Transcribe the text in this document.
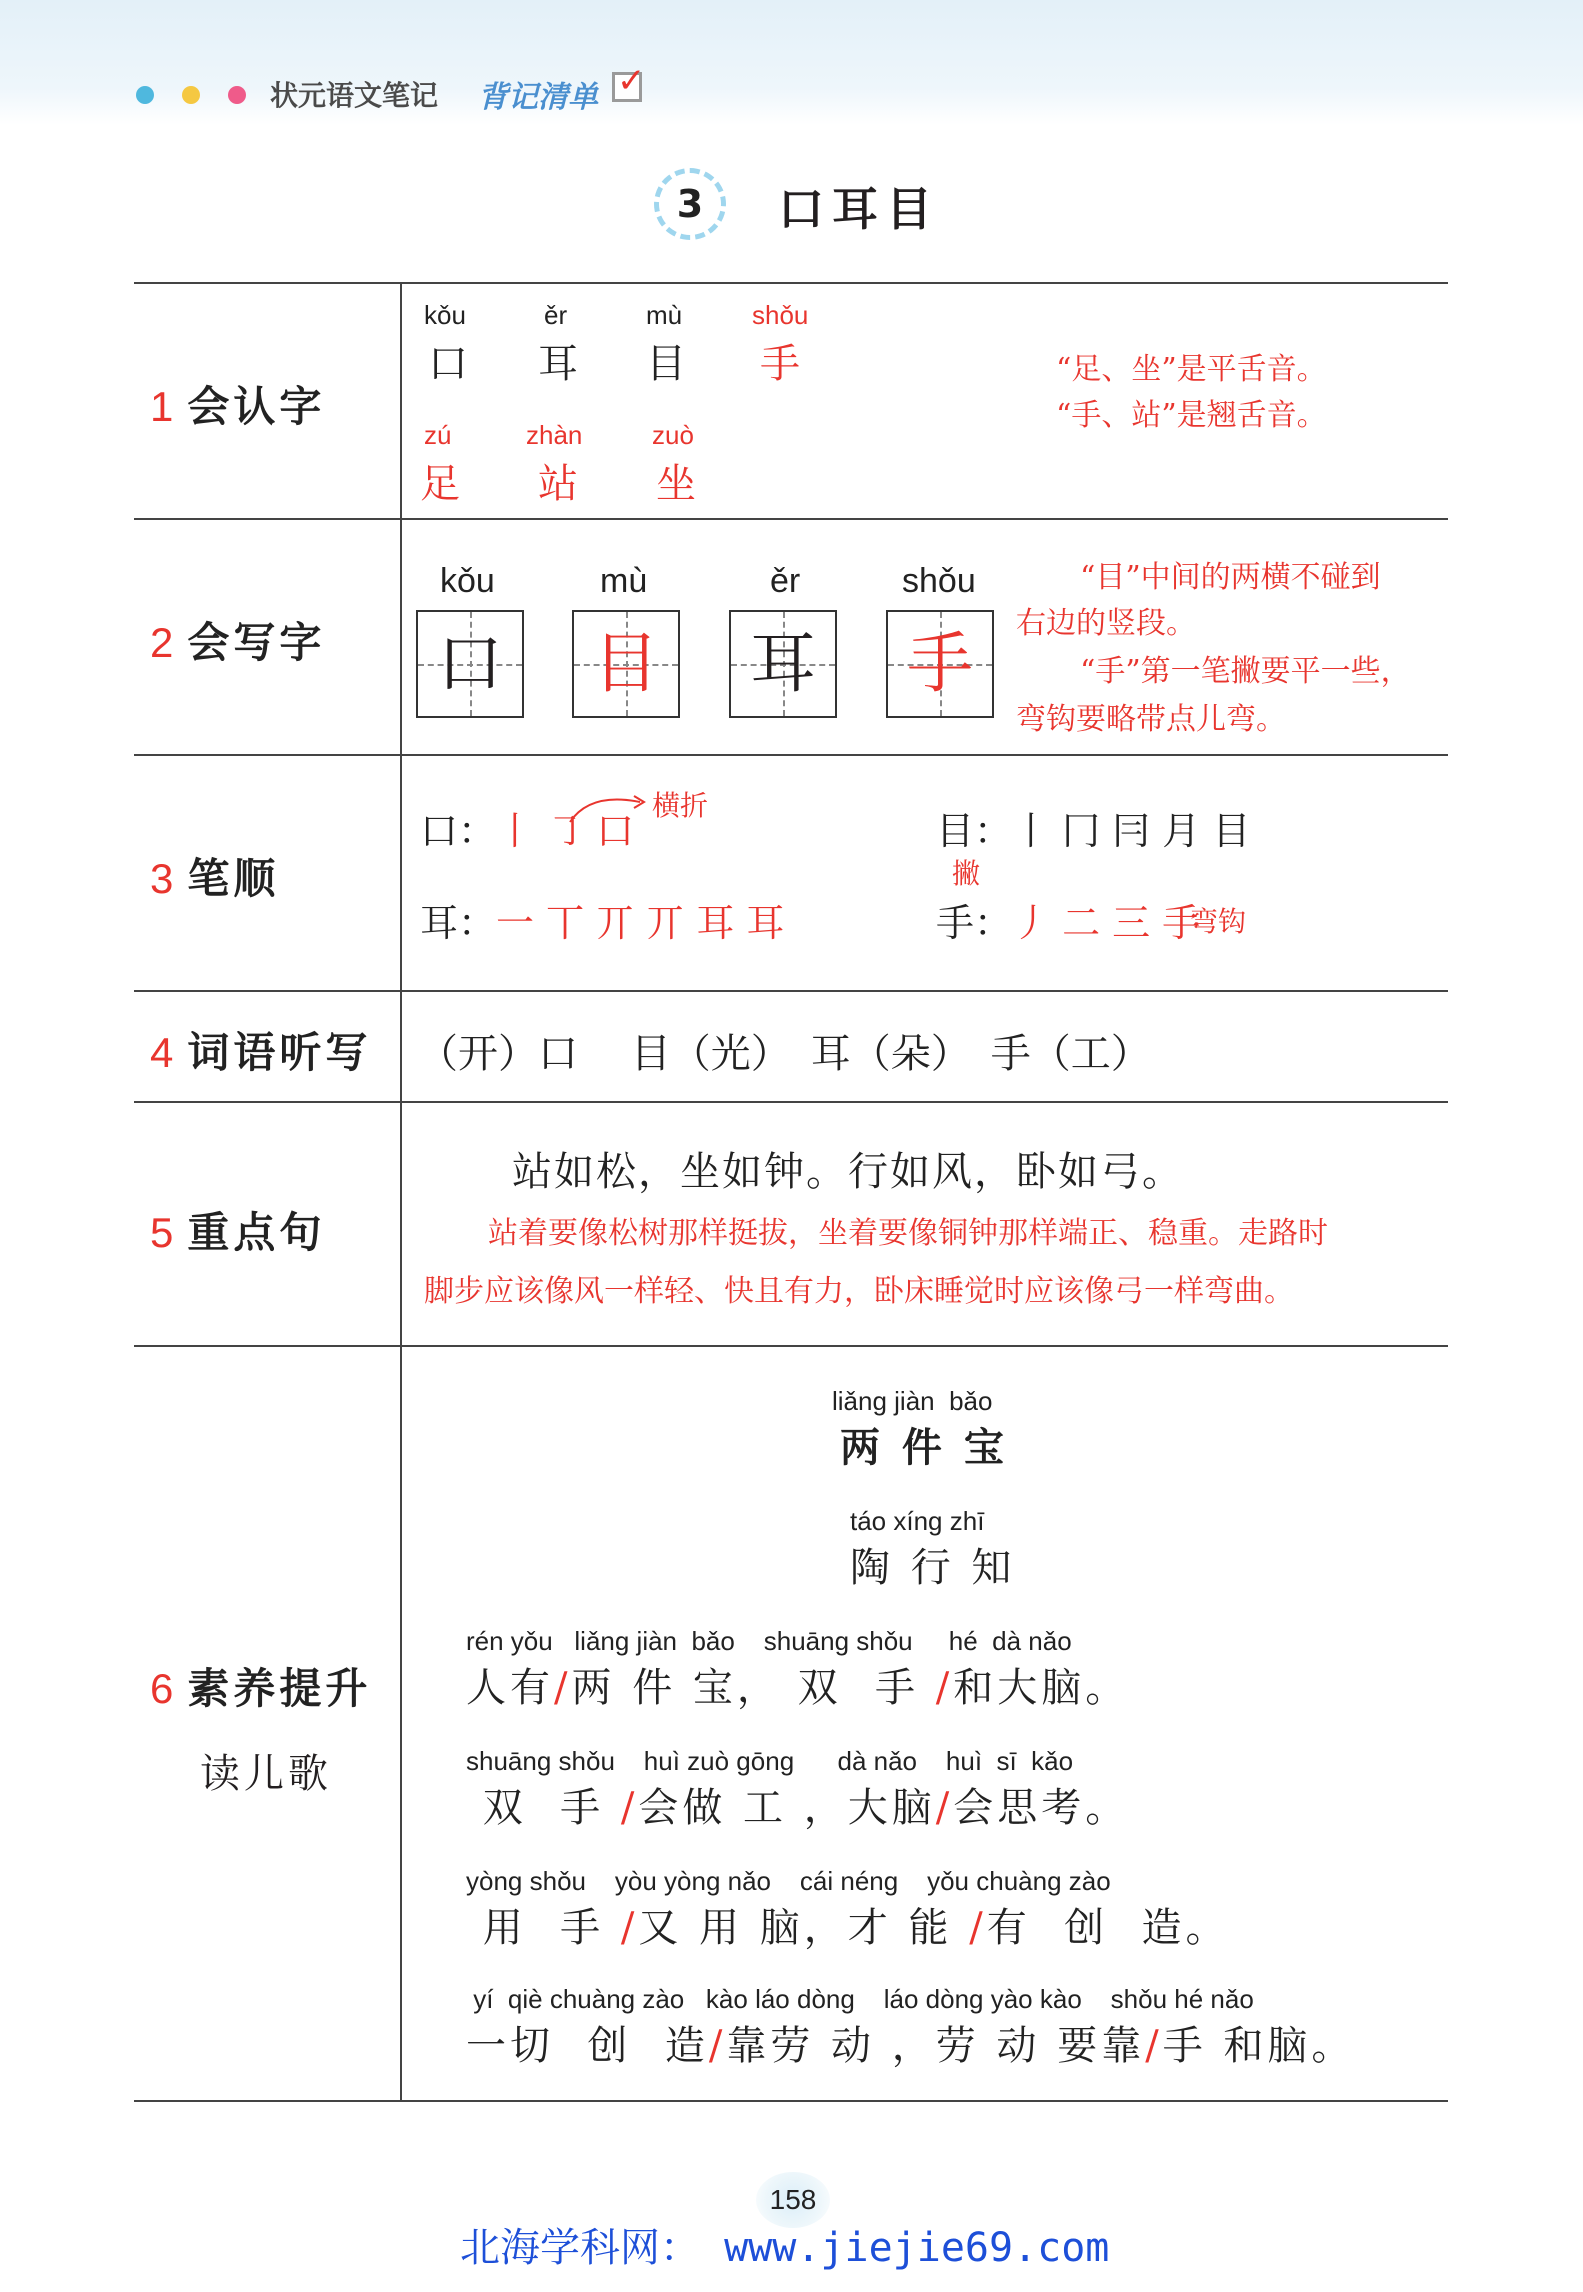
状元语文笔记 背记清单 ✓
3	口耳目
1 会认字
kǒu
口
ěr
耳
mù
目
shǒu
手
zú
足
zhàn
站
zuò
坐
“足、坐”是平舌音。
“手、站”是翘舌音。
2 会写字
kǒu
口
mù
目
ěr
耳
shǒu
手
“目”中间的两横不碰到
右边的竖段。
“手”第一笔撇要平一些，
弯钩要略带点儿弯。
3 笔顺
口：丨 ㇆ 口
横折
目：丨 冂 冃 月 目
耳：一 丅 丌 丌 耳 耳
撇
手：丿 二 三 手
弯钩
4 词语听写 （开）口　 目（光）　耳（朵）　手（工）
5 重点句
站如松，坐如钟。行如风，卧如弓。
站着要像松树那样挺拔，坐着要像铜钟那样端正、稳重。走路时
脚步应该像风一样轻、快且有力，卧床睡觉时应该像弓一样弯曲。
6 素养提升
读儿歌
liǎng jiàn  bǎo
两 件 宝
táo xíng zhī
陶 行 知
rén yǒu   liǎng jiàn  bǎo    shuāng shǒu     hé  dà nǎo
人有/两 件 宝， 双  手 /和大脑。
shuāng shǒu    huì zuò gōng      dà nǎo    huì  sī  kǎo
双  手 /会做 工 ，大脑/会思考。
yòng shǒu    yòu yòng nǎo    cái néng    yǒu chuàng zào
用  手 /又 用 脑，才 能 /有  创  造。
yí  qiè chuàng zào   kào láo dòng    láo dòng yào kào    shǒu hé nǎo
一切  创  造/靠劳 动 ，劳 动 要靠/手 和脑。
158
北海学科网： www.jiejie69.com
